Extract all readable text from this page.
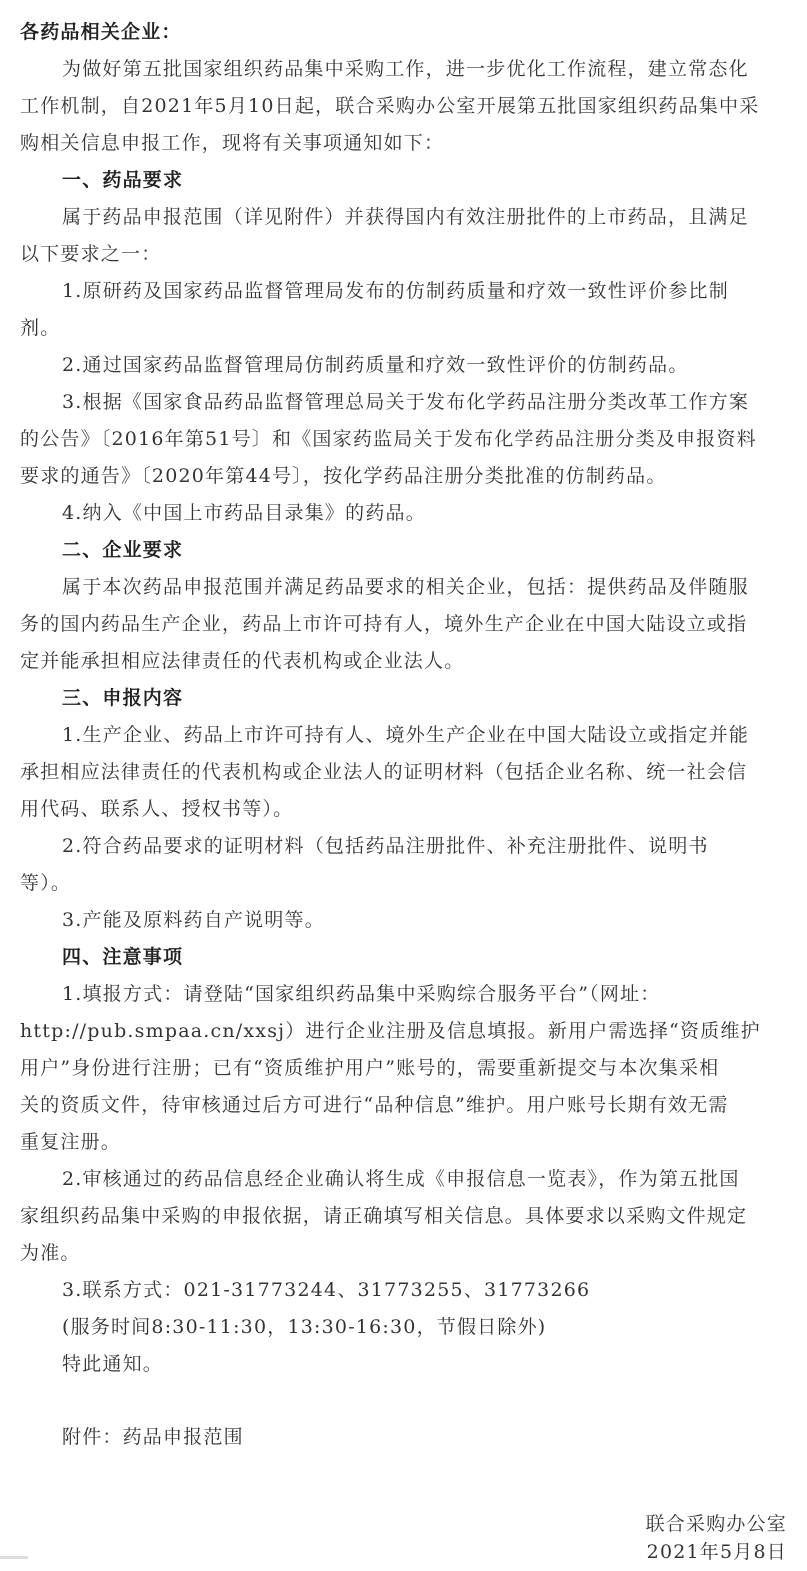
各药品相关企业：
为做好第五批国家组织药品集中采购工作，进一步优化工作流程，建立常态化
工作机制，自2021年5月10日起，联合采购办公室开展第五批国家组织药品集中采
购相关信息申报工作，现将有关事项通知如下：
一、药品要求
属于药品申报范围（详见附件）并获得国内有效注册批件的上市药品，且满足
以下要求之一：
1.原研药及国家药品监督管理局发布的仿制药质量和疗效一致性评价参比制
剂。
2.通过国家药品监督管理局仿制药质量和疗效一致性评价的仿制药品。
3.根据《国家食品药品监督管理总局关于发布化学药品注册分类改革工作方案
的公告》〔2016年第51号〕和《国家药监局关于发布化学药品注册分类及申报资料
要求的通告》〔2020年第44号〕，按化学药品注册分类批准的仿制药品。
4.纳入《中国上市药品目录集》的药品。
二、企业要求
属于本次药品申报范围并满足药品要求的相关企业，包括：提供药品及伴随服
务的国内药品生产企业，药品上市许可持有人，境外生产企业在中国大陆设立或指
定并能承担相应法律责任的代表机构或企业法人。
三、申报内容
1.生产企业、药品上市许可持有人、境外生产企业在中国大陆设立或指定并能
承担相应法律责任的代表机构或企业法人的证明材料（包括企业名称、统一社会信
用代码、联系人、授权书等）。
2.符合药品要求的证明材料（包括药品注册批件、补充注册批件、说明书
等）。
3.产能及原料药自产说明等。
四、注意事项
1.填报方式：请登陆“国家组织药品集中采购综合服务平台”（网址：
http://pub.smpaa.cn/xxsj）进行企业注册及信息填报。新用户需选择“资质维护
用户”身份进行注册；已有“资质维护用户”账号的，需要重新提交与本次集采相
关的资质文件，待审核通过后方可进行“品种信息”维护。用户账号长期有效无需
重复注册。
2.审核通过的药品信息经企业确认将生成《申报信息一览表》，作为第五批国
家组织药品集中采购的申报依据，请正确填写相关信息。具体要求以采购文件规定
为准。
3.联系方式：021-31773244、31773255、31773266
(服务时间8:30-11:30，13:30-16:30，节假日除外)
特此通知。
附件：药品申报范围
联合采购办公室
2021年5月8日
